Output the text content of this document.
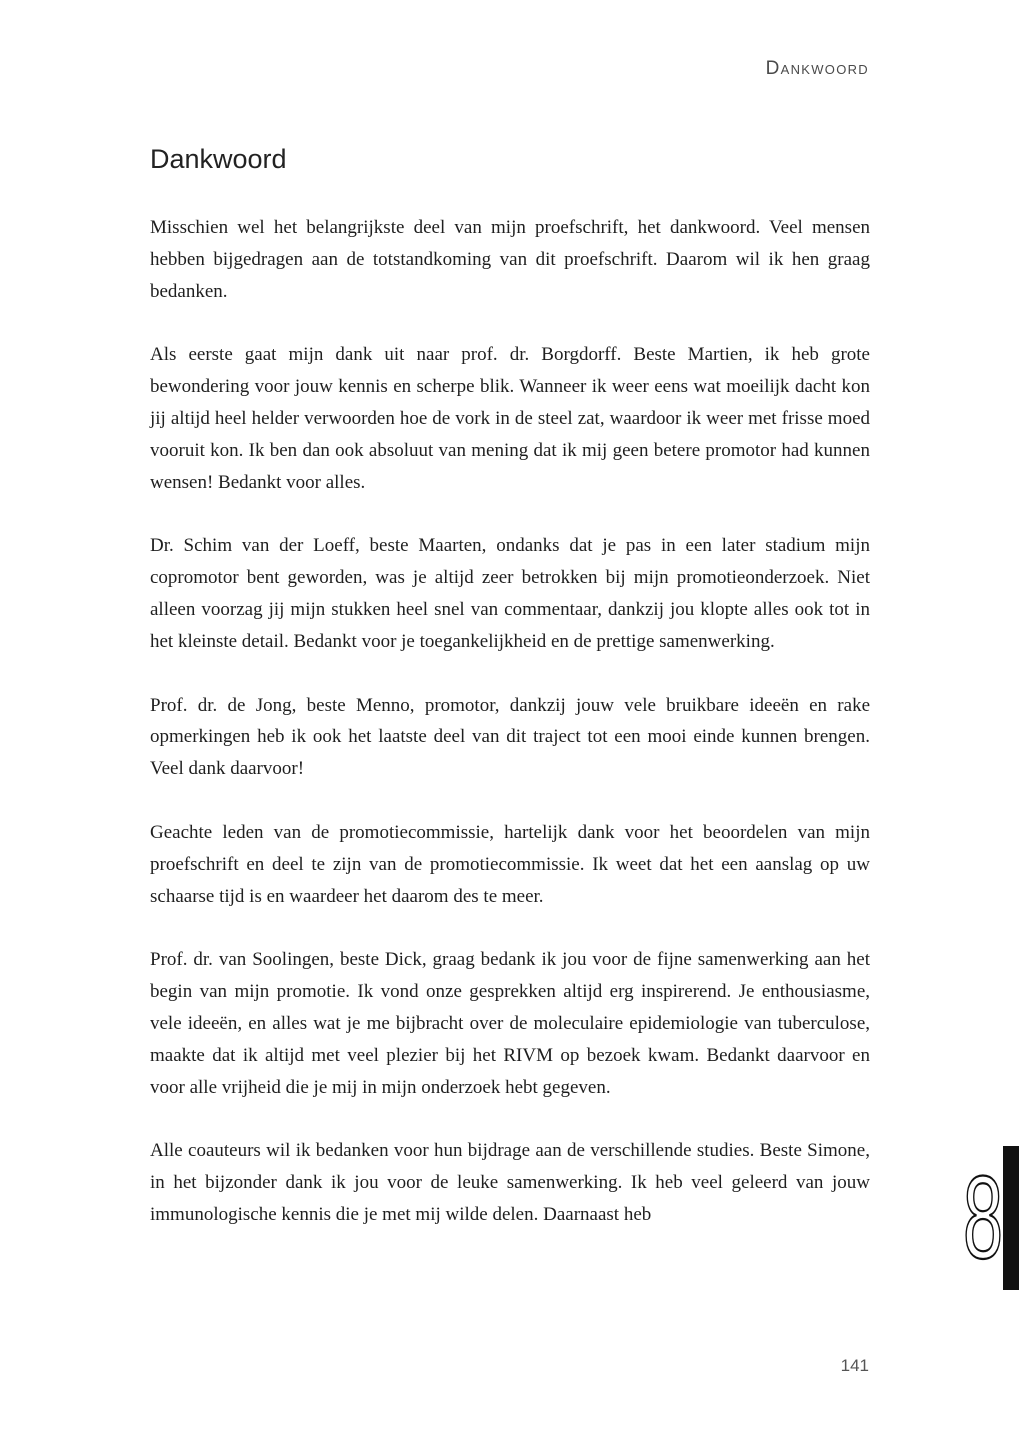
Dankwoord
Dankwoord

Misschien wel het belangrijkste deel van mijn proefschrift, het dankwoord. Veel mensen hebben bijgedragen aan de totstandkoming van dit proefschrift. Daarom wil ik hen graag bedanken.

Als eerste gaat mijn dank uit naar prof. dr. Borgdorff. Beste Martien, ik heb grote bewondering voor jouw kennis en scherpe blik. Wanneer ik weer eens wat moeilijk dacht kon jij altijd heel helder verwoorden hoe de vork in de steel zat, waardoor ik weer met frisse moed vooruit kon. Ik ben dan ook absoluut van mening dat ik mij geen betere promotor had kunnen wensen! Bedankt voor alles.

Dr. Schim van der Loeff, beste Maarten, ondanks dat je pas in een later stadium mijn copromotor bent geworden, was je altijd zeer betrokken bij mijn promotieonderzoek. Niet alleen voorzag jij mijn stukken heel snel van commentaar, dankzij jou klopte alles ook tot in het kleinste detail. Bedankt voor je toegankelijkheid en de prettige samenwerking.

Prof. dr. de Jong, beste Menno, promotor, dankzij jouw vele bruikbare ideeën en rake opmerkingen heb ik ook het laatste deel van dit traject tot een mooi einde kunnen brengen. Veel dank daarvoor!

Geachte leden van de promotiecommissie, hartelijk dank voor het beoordelen van mijn proefschrift en deel te zijn van de promotiecommissie. Ik weet dat het een aanslag op uw schaarse tijd is en waardeer het daarom des te meer.

Prof. dr. van Soolingen, beste Dick, graag bedank ik jou voor de fijne samenwerking aan het begin van mijn promotie. Ik vond onze gesprekken altijd erg inspirerend. Je enthousiasme, vele ideeën, en alles wat je me bijbracht over de moleculaire epidemiologie van tuberculose, maakte dat ik altijd met veel plezier bij het RIVM op bezoek kwam. Bedankt daarvoor en voor alle vrijheid die je mij in mijn onderzoek hebt gegeven.

Alle coauteurs wil ik bedanken voor hun bijdrage aan de verschillende studies. Beste Simone, in het bijzonder dank ik jou voor de leuke samenwerking. Ik heb veel geleerd van jouw immunologische kennis die je met mij wilde delen. Daarnaast heb	8
141
